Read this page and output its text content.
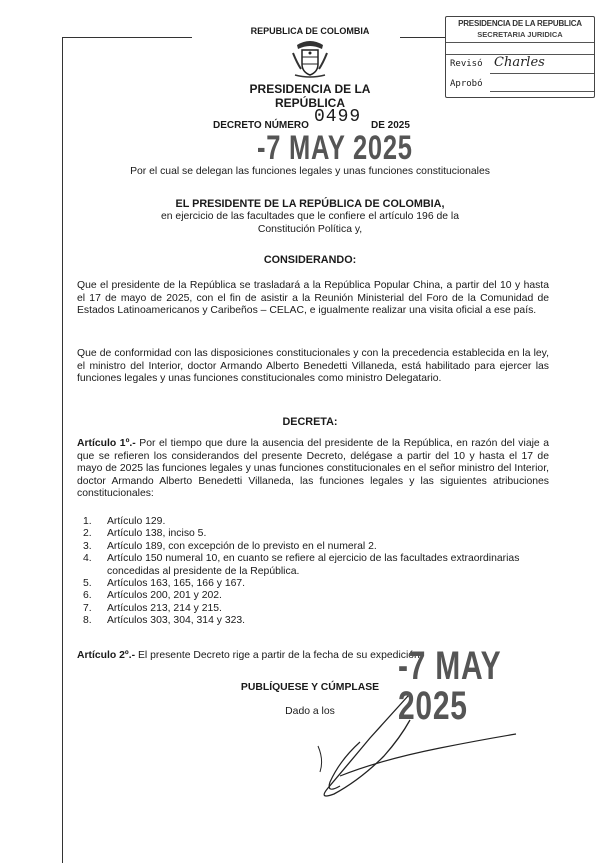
REPUBLICA DE COLOMBIA
PRESIDENCIA DE LA REPÚBLICA
DECRETO NÚMERO 0499 DE 2025
-7 MAY 2025
Por el cual se delegan las funciones legales y unas funciones constitucionales
PRESIDENCIA DE LA REPUBLICA
SECRETARIA JURIDICA
Revisó Charles
Aprobó
EL PRESIDENTE DE LA REPÚBLICA DE COLOMBIA,
en ejercicio de las facultades que le confiere el artículo 196 de la
Constitución Política y,
CONSIDERANDO:
Que el presidente de la República se trasladará a la República Popular China, a partir del 10 y hasta el 17 de mayo de 2025, con el fin de asistir a la Reunión Ministerial del Foro de la Comunidad de Estados Latinoamericanos y Caribeños – CELAC, e igualmente realizar una visita oficial a ese país.
Que de conformidad con las disposiciones constitucionales y con la precedencia establecida en la ley, el ministro del Interior, doctor Armando Alberto Benedetti Villaneda, está habilitado para ejercer las funciones legales y unas funciones constitucionales como ministro Delegatario.
DECRETA:
Artículo 1º.- Por el tiempo que dure la ausencia del presidente de la República, en razón del viaje a que se refieren los considerandos del presente Decreto, delégase a partir del 10 y hasta el 17 de mayo de 2025 las funciones legales y unas funciones constitucionales en el señor ministro del Interior, doctor Armando Alberto Benedetti Villaneda, las funciones legales y las siguientes atribuciones constitucionales:
1. Artículo 129.
2. Artículo 138, inciso 5.
3. Artículo 189, con excepción de lo previsto en el numeral 2.
4. Artículo 150 numeral 10, en cuanto se refiere al ejercicio de las facultades extraordinarias concedidas al presidente de la República.
5. Artículos 163, 165, 166 y 167.
6. Artículos 200, 201 y 202.
7. Artículos 213, 214 y 215.
8. Artículos 303, 304, 314 y 323.
Artículo 2º.- El presente Decreto rige a partir de la fecha de su expedición.
-7 MAY 2025
PUBLÍQUESE Y CÚMPLASE
Dado a los
